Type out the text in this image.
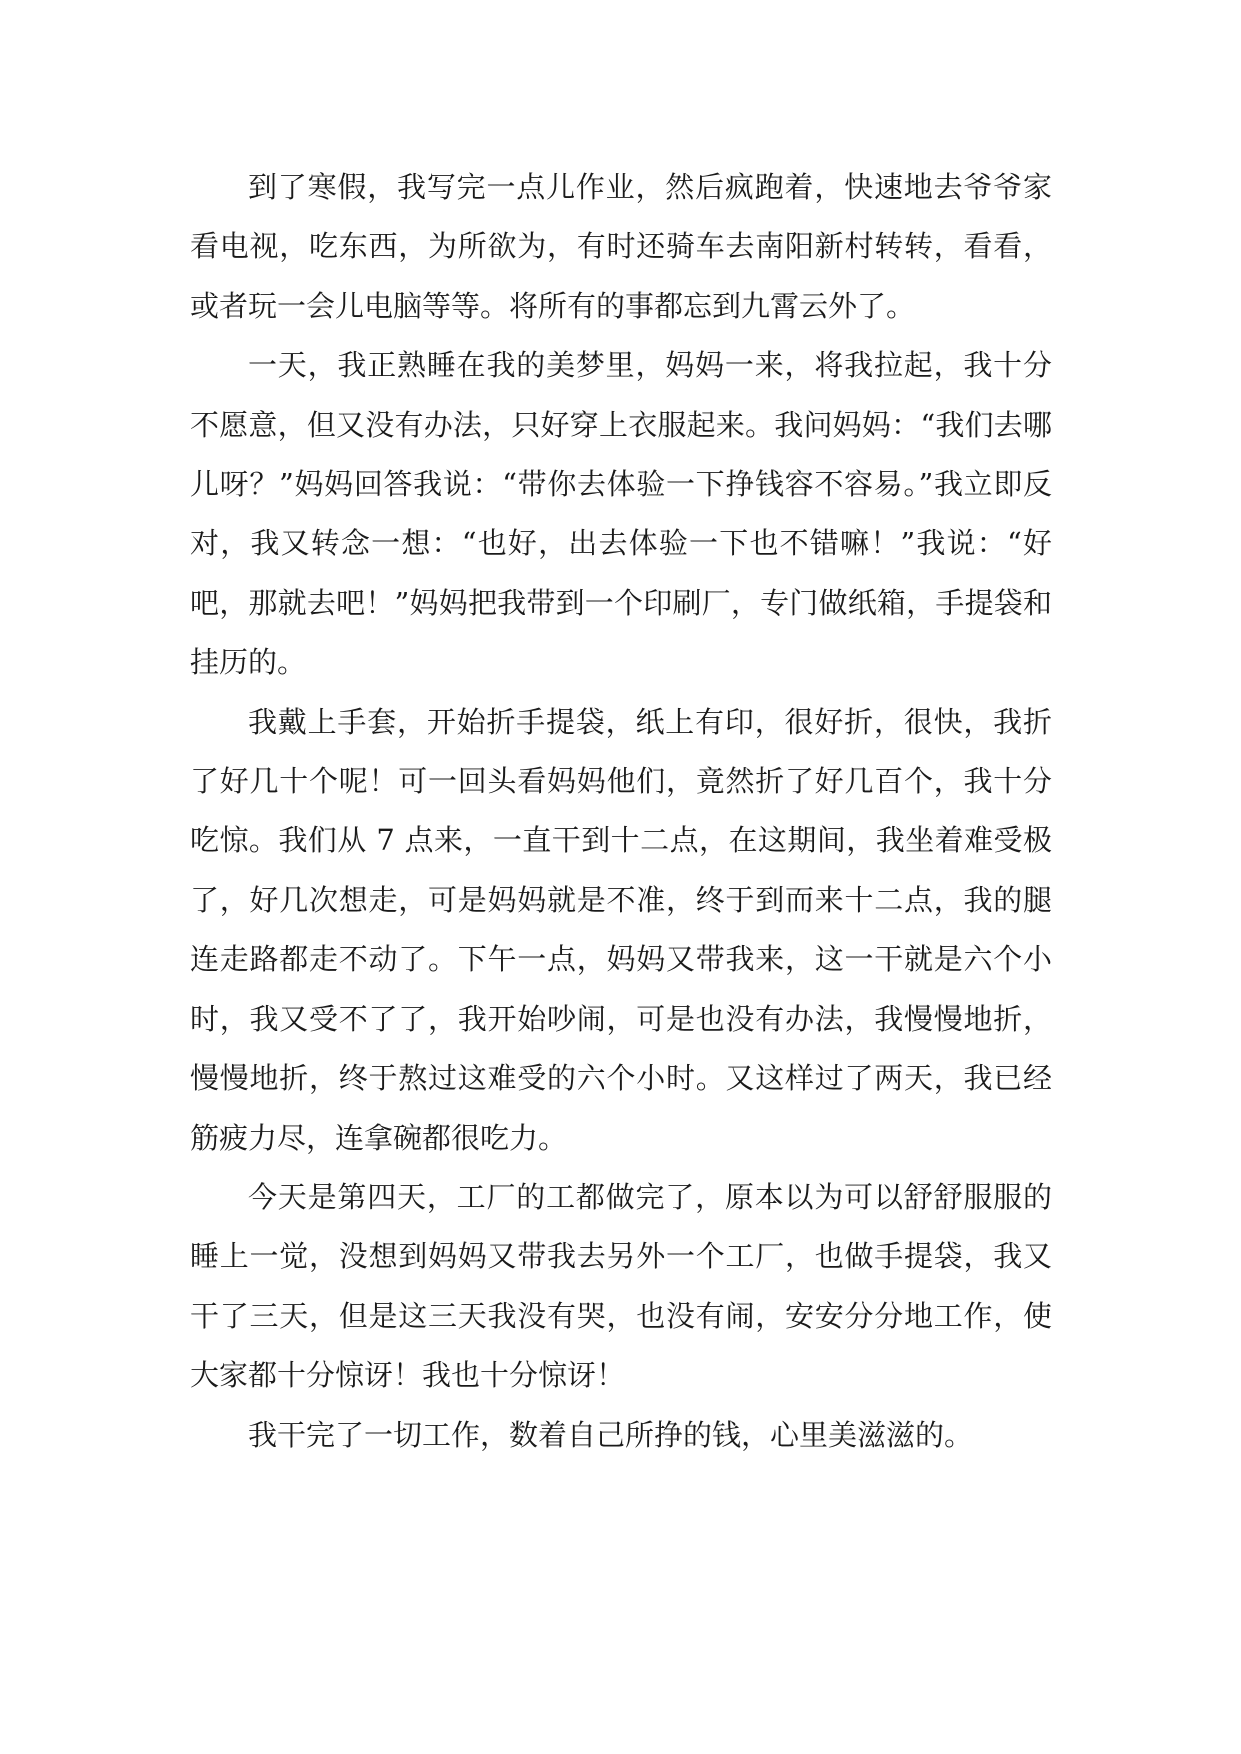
到了寒假，我写完一点儿作业，然后疯跑着，快速地去爷爷家看电视，吃东西，为所欲为，有时还骑车去南阳新村转转，看看，或者玩一会儿电脑等等。将所有的事都忘到九霄云外了。

一天，我正熟睡在我的美梦里，妈妈一来，将我拉起，我十分不愿意，但又没有办法，只好穿上衣服起来。我问妈妈：“我们去哪儿呀？”妈妈回答我说：“带你去体验一下挣钱容不容易。”我立即反对，我又转念一想：“也好，出去体验一下也不错嘛！”我说：“好吧，那就去吧！”妈妈把我带到一个印刷厂，专门做纸箱，手提袋和挂历的。

我戴上手套，开始折手提袋，纸上有印，很好折，很快，我折了好几十个呢！可一回头看妈妈他们，竟然折了好几百个，我十分吃惊。我们从 7 点来，一直干到十二点，在这期间，我坐着难受极了，好几次想走，可是妈妈就是不准，终于到而来十二点，我的腿连走路都走不动了。下午一点，妈妈又带我来，这一干就是六个小时，我又受不了了，我开始吵闹，可是也没有办法，我慢慢地折，慢慢地折，终于熬过这难受的六个小时。又这样过了两天，我已经筋疲力尽，连拿碗都很吃力。

今天是第四天，工厂的工都做完了，原本以为可以舒舒服服的睡上一觉，没想到妈妈又带我去另外一个工厂，也做手提袋，我又干了三天，但是这三天我没有哭，也没有闹，安安分分地工作，使大家都十分惊讶！我也十分惊讶！

我干完了一切工作，数着自己所挣的钱，心里美滋滋的。
